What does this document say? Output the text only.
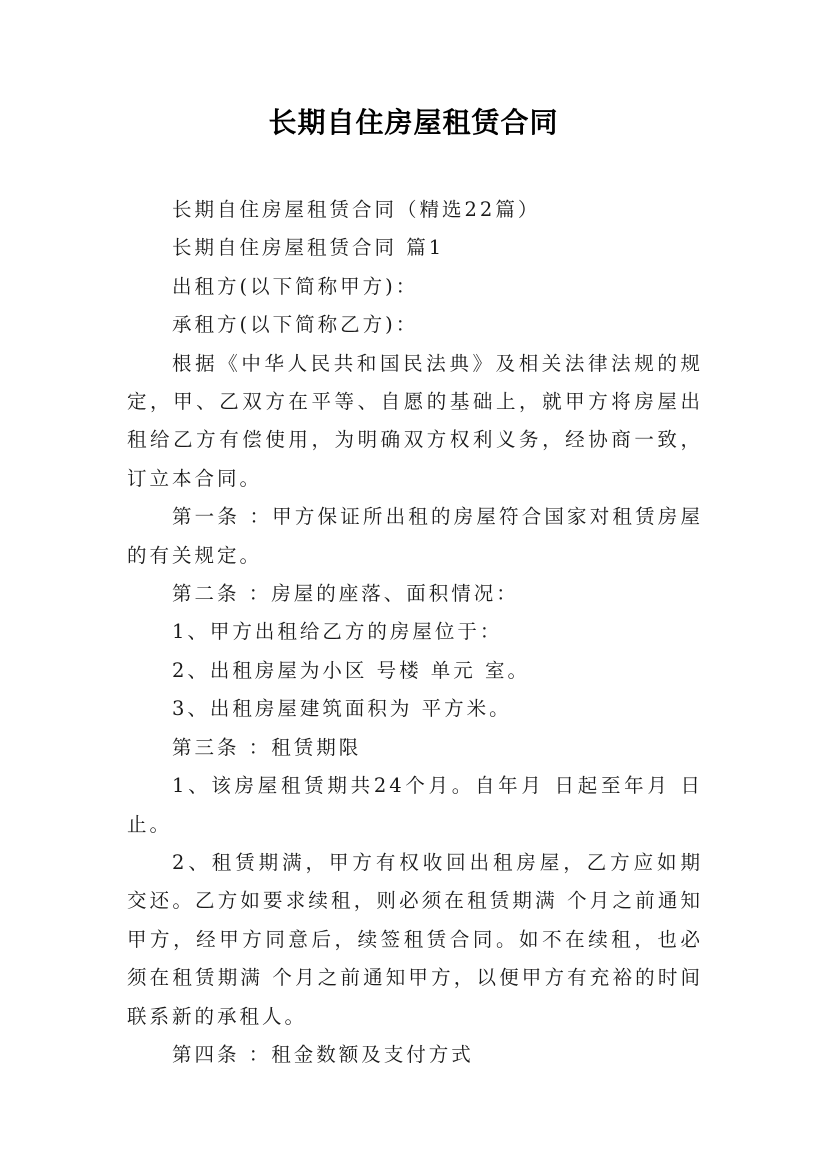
长期自住房屋租赁合同

长期自住房屋租赁合同（精选22篇）

长期自住房屋租赁合同 篇1

出租方(以下简称甲方)：

承租方(以下简称乙方)：

根据《中华人民共和国民法典》及相关法律法规的规定，甲、乙双方在平等、自愿的基础上，就甲方将房屋出租给乙方有偿使用，为明确双方权利义务，经协商一致，订立本合同。

第一条 ：甲方保证所出租的房屋符合国家对租赁房屋的有关规定。

第二条 ：房屋的座落、面积情况：

1、甲方出租给乙方的房屋位于：

2、出租房屋为小区 号楼 单元 室。

3、出租房屋建筑面积为 平方米。

第三条 ：租赁期限

1、该房屋租赁期共24个月。自年月 日起至年月 日止。

2、租赁期满，甲方有权收回出租房屋，乙方应如期交还。乙方如要求续租，则必须在租赁期满 个月之前通知甲方，经甲方同意后，续签租赁合同。如不在续租，也必须在租赁期满 个月之前通知甲方，以便甲方有充裕的时间联系新的承租人。

第四条 ：租金数额及支付方式
